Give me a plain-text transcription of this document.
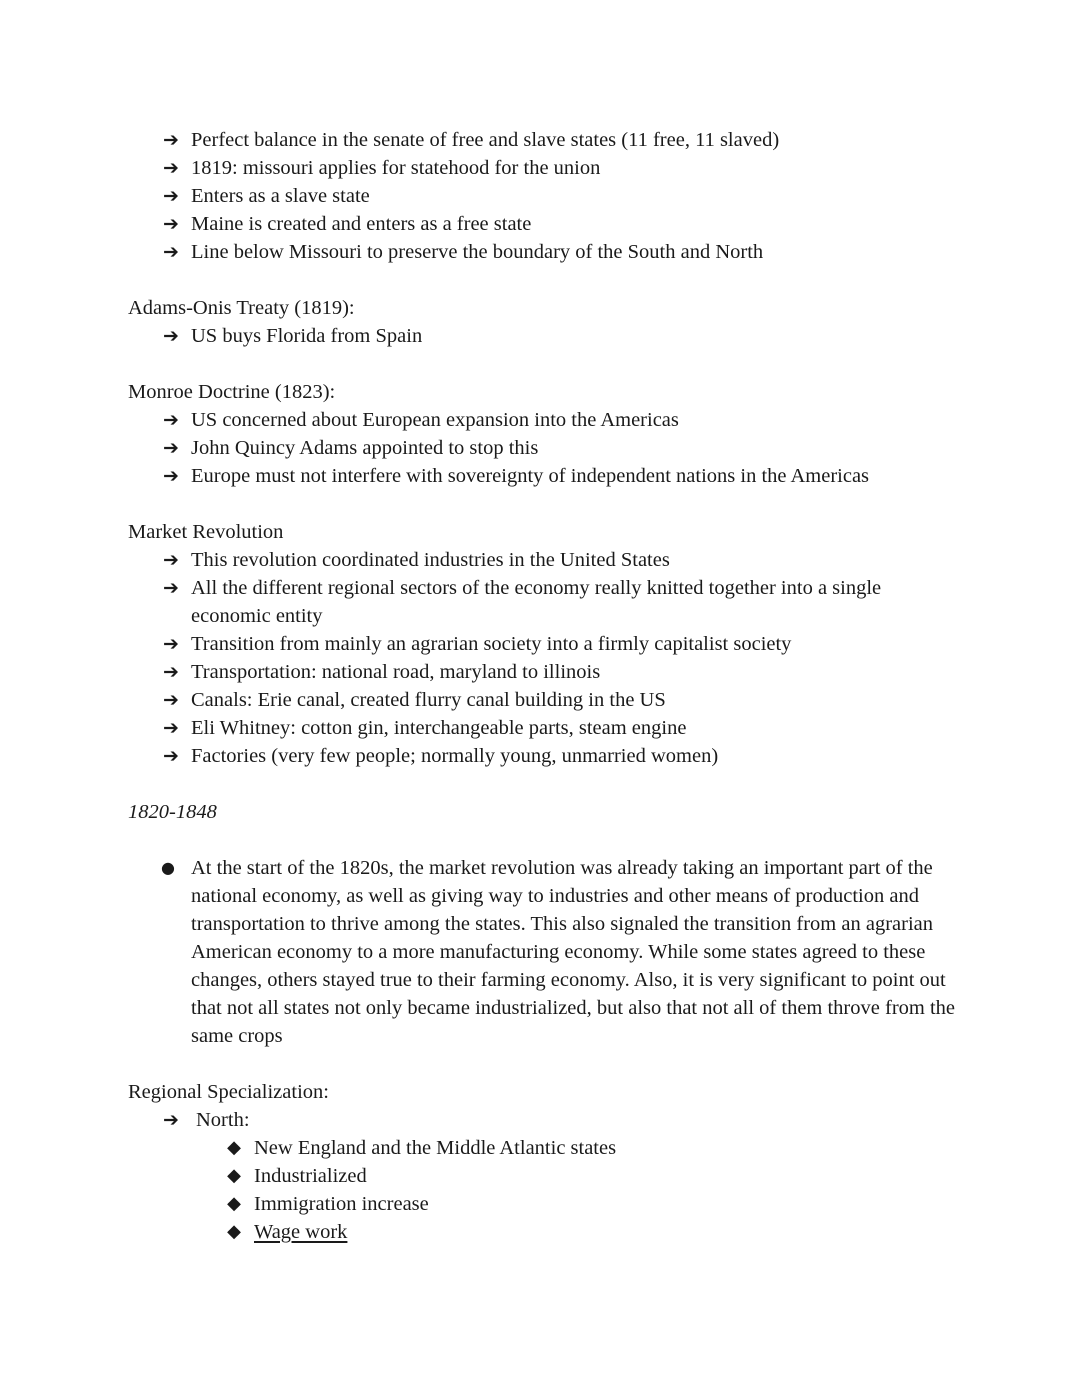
➔ Perfect balance in the senate of free and slave states (11 free, 11 slaved)
➔ 1819: missouri applies for statehood for the union
➔ Enters as a slave state
➔ Maine is created and enters as a free state
➔ Line below Missouri to preserve the boundary of the South and North

Adams-Onis Treaty (1819):

➔ US buys Florida from Spain

Monroe Doctrine (1823):

➔ US concerned about European expansion into the Americas
➔ John Quincy Adams appointed to stop this
➔ Europe must not interfere with sovereignty of independent nations in the Americas

Market Revolution

➔ This revolution coordinated industries in the United States
➔ All the different regional sectors of the economy really knitted together into a single economic entity
➔ Transition from mainly an agrarian society into a firmly capitalist society
➔ Transportation: national road, maryland to illinois
➔ Canals: Erie canal, created flurry canal building in the US
➔ Eli Whitney: cotton gin, interchangeable parts, steam engine
➔ Factories (very few people; normally young, unmarried women)

1820-1848

● At the start of the 1820s, the market revolution was already taking an important part of the national economy, as well as giving way to industries and other means of production and transportation to thrive among the states. This also signaled the transition from an agrarian American economy to a more manufacturing economy. While some states agreed to these changes, others stayed true to their farming economy. Also, it is very significant to point out that not all states not only became industrialized, but also that not all of them throve from the same crops

Regional Specialization:

➔ North:
◆ New England and the Middle Atlantic states
◆ Industrialized
◆ Immigration increase
◆ Wage work
